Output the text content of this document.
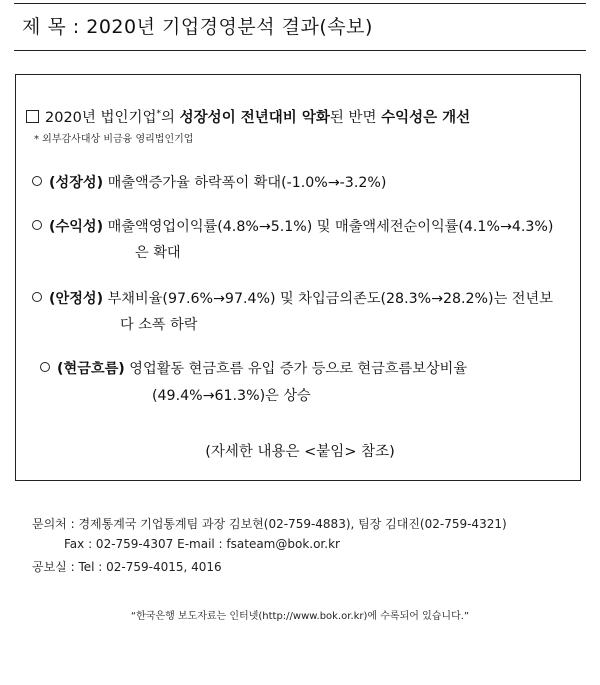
제 목 : 2020년 기업경영분석 결과(속보)
2020년 법인기업*의 성장성이 전년대비 악화된 반면 수익성은 개선
* 외부감사대상 비금융 영리법인기업
(성장성) 매출액증가율 하락폭이 확대(-1.0%→-3.2%)
(수익성) 매출액영업이익률(4.8%→5.1%) 및 매출액세전순이익률(4.1%→4.3%)
은 확대
(안정성) 부채비율(97.6%→97.4%) 및 차입금의존도(28.3%→28.2%)는 전년보
다 소폭 하락
(현금흐름) 영업활동 현금흐름 유입 증가 등으로 현금흐름보상비율
(49.4%→61.3%)은 상승
(자세한 내용은 <붙임> 참조)
문의처 : 경제통계국 기업통계팀 과장 김보현(02-759-4883), 팀장 김대진(02-759-4321)
Fax : 02-759-4307 E-mail : fsateam@bok.or.kr
공보실 : Tel : 02-759-4015, 4016
“한국은행 보도자료는 인터넷(http://www.bok.or.kr)에 수록되어 있습니다.”
